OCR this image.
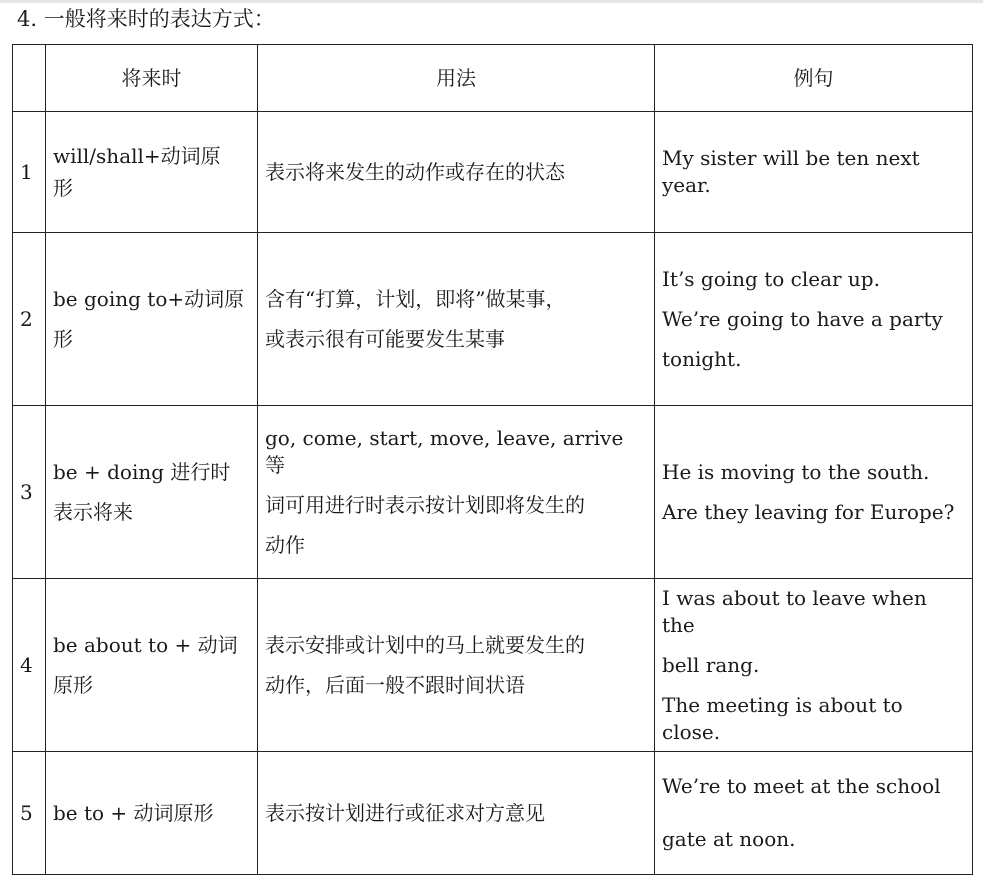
4. 一般将来时的表达方式：
	将来时	用法	例句
1	will/shall+动词原
形	表示将来发生的动作或存在的状态	My sister will be ten next year.

2	be going to+动词原
形	含有“打算，计划，即将”做某事，
或表示很有可能要发生某事	It’s going to clear up.
We’re going to have a party
tonight.

3	be + doing 进行时
表示将来	go, come, start, move, leave, arrive 等
词可用进行时表示按计划即将发生的
动作	He is moving to the south.
Are they leaving for Europe?

4	be about to + 动词
原形	表示安排或计划中的马上就要发生的
动作，后面一般不跟时间状语	I was about to leave when the
bell rang.
The meeting is about to close.

5	be to + 动词原形	表示按计划进行或征求对方意见	We’re to meet at the school
gate at noon.
